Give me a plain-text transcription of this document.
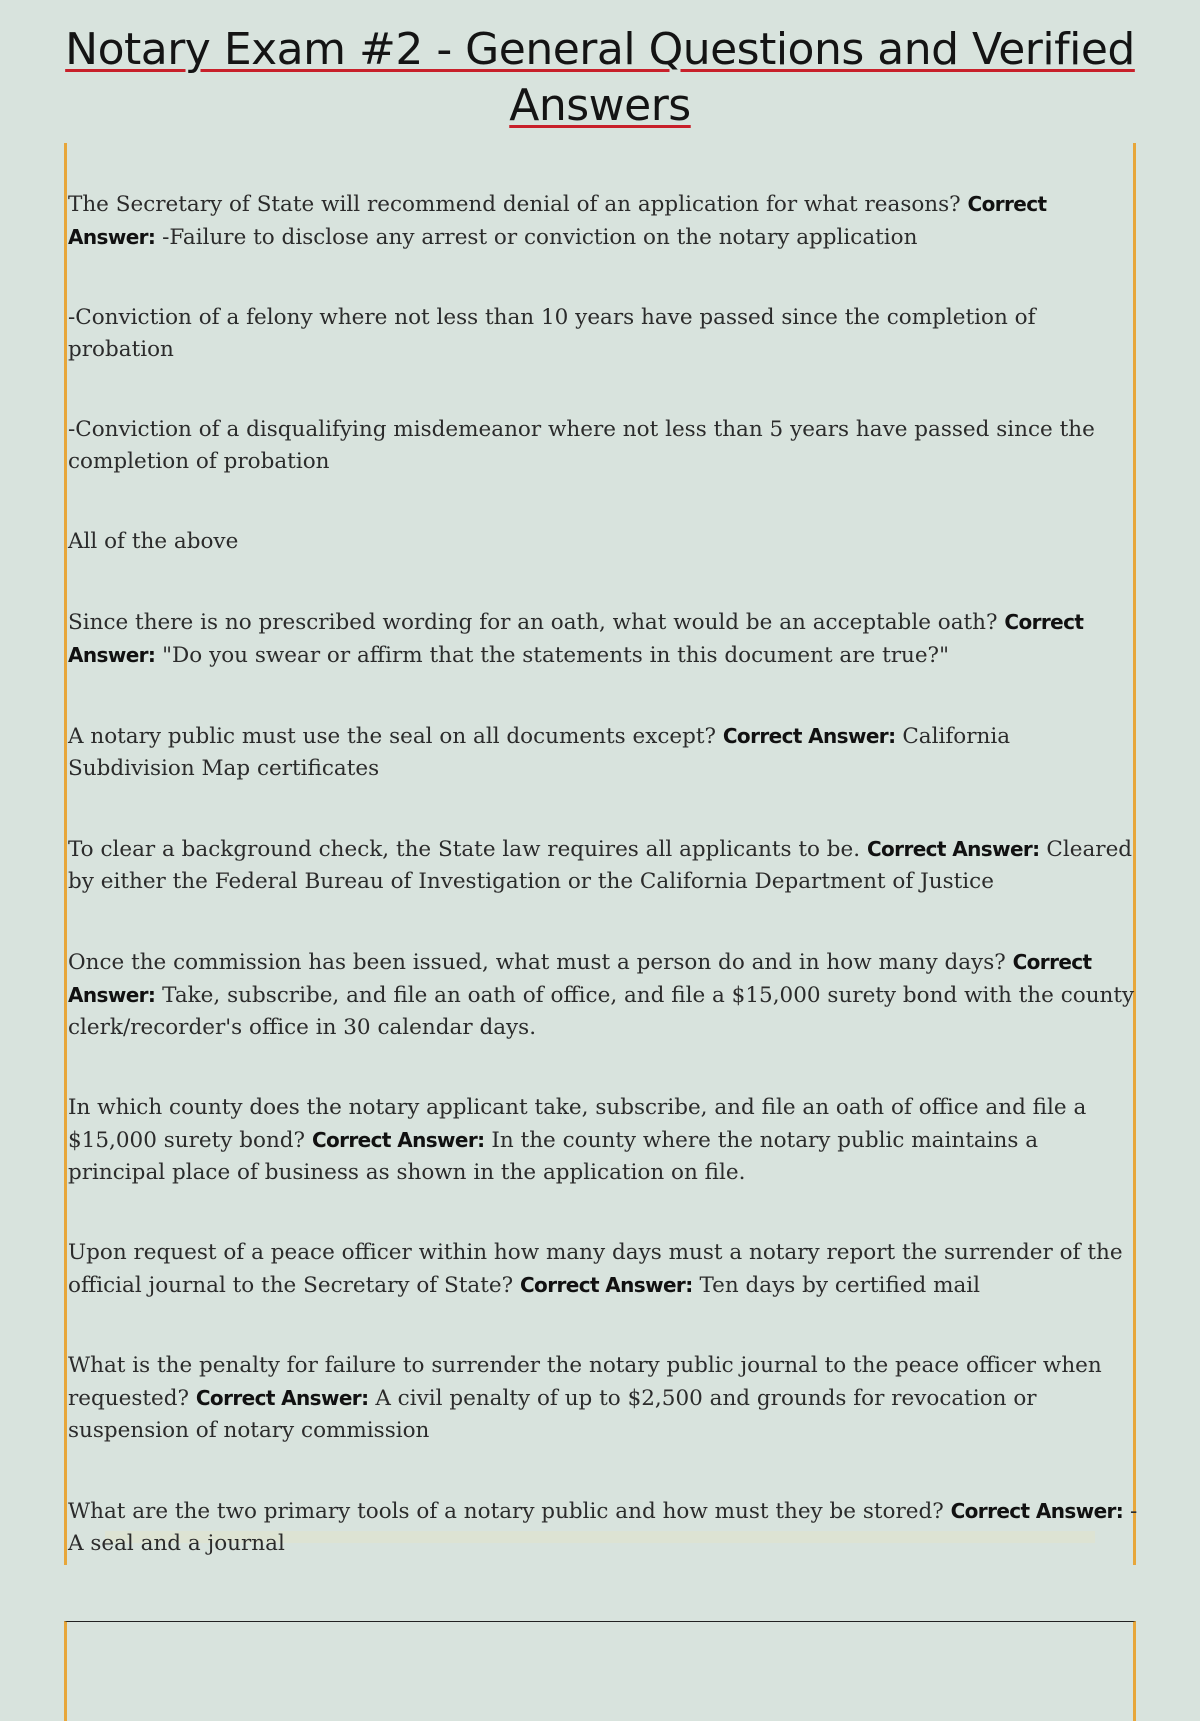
Notary Exam #2 - General Questions and Verified Answers

The Secretary of State will recommend denial of an application for what reasons? Correct Answer: -Failure to disclose any arrest or conviction on the notary application

-Conviction of a felony where not less than 10 years have passed since the completion of probation

-Conviction of a disqualifying misdemeanor where not less than 5 years have passed since the completion of probation

All of the above

Since there is no prescribed wording for an oath, what would be an acceptable oath? Correct Answer: "Do you swear or affirm that the statements in this document are true?"

A notary public must use the seal on all documents except? Correct Answer: California Subdivision Map certificates

To clear a background check, the State law requires all applicants to be. Correct Answer: Cleared by either the Federal Bureau of Investigation or the California Department of Justice

Once the commission has been issued, what must a person do and in how many days? Correct Answer: Take, subscribe, and file an oath of office, and file a $15,000 surety bond with the county clerk/recorder's office in 30 calendar days.

In which county does the notary applicant take, subscribe, and file an oath of office and file a $15,000 surety bond? Correct Answer: In the county where the notary public maintains a principal place of business as shown in the application on file.

Upon request of a peace officer within how many days must a notary report the surrender of the official journal to the Secretary of State? Correct Answer: Ten days by certified mail

What is the penalty for failure to surrender the notary public journal to the peace officer when requested? Correct Answer: A civil penalty of up to $2,500 and grounds for revocation or suspension of notary commission

What are the two primary tools of a notary public and how must they be stored? Correct Answer: -A seal and a journal
